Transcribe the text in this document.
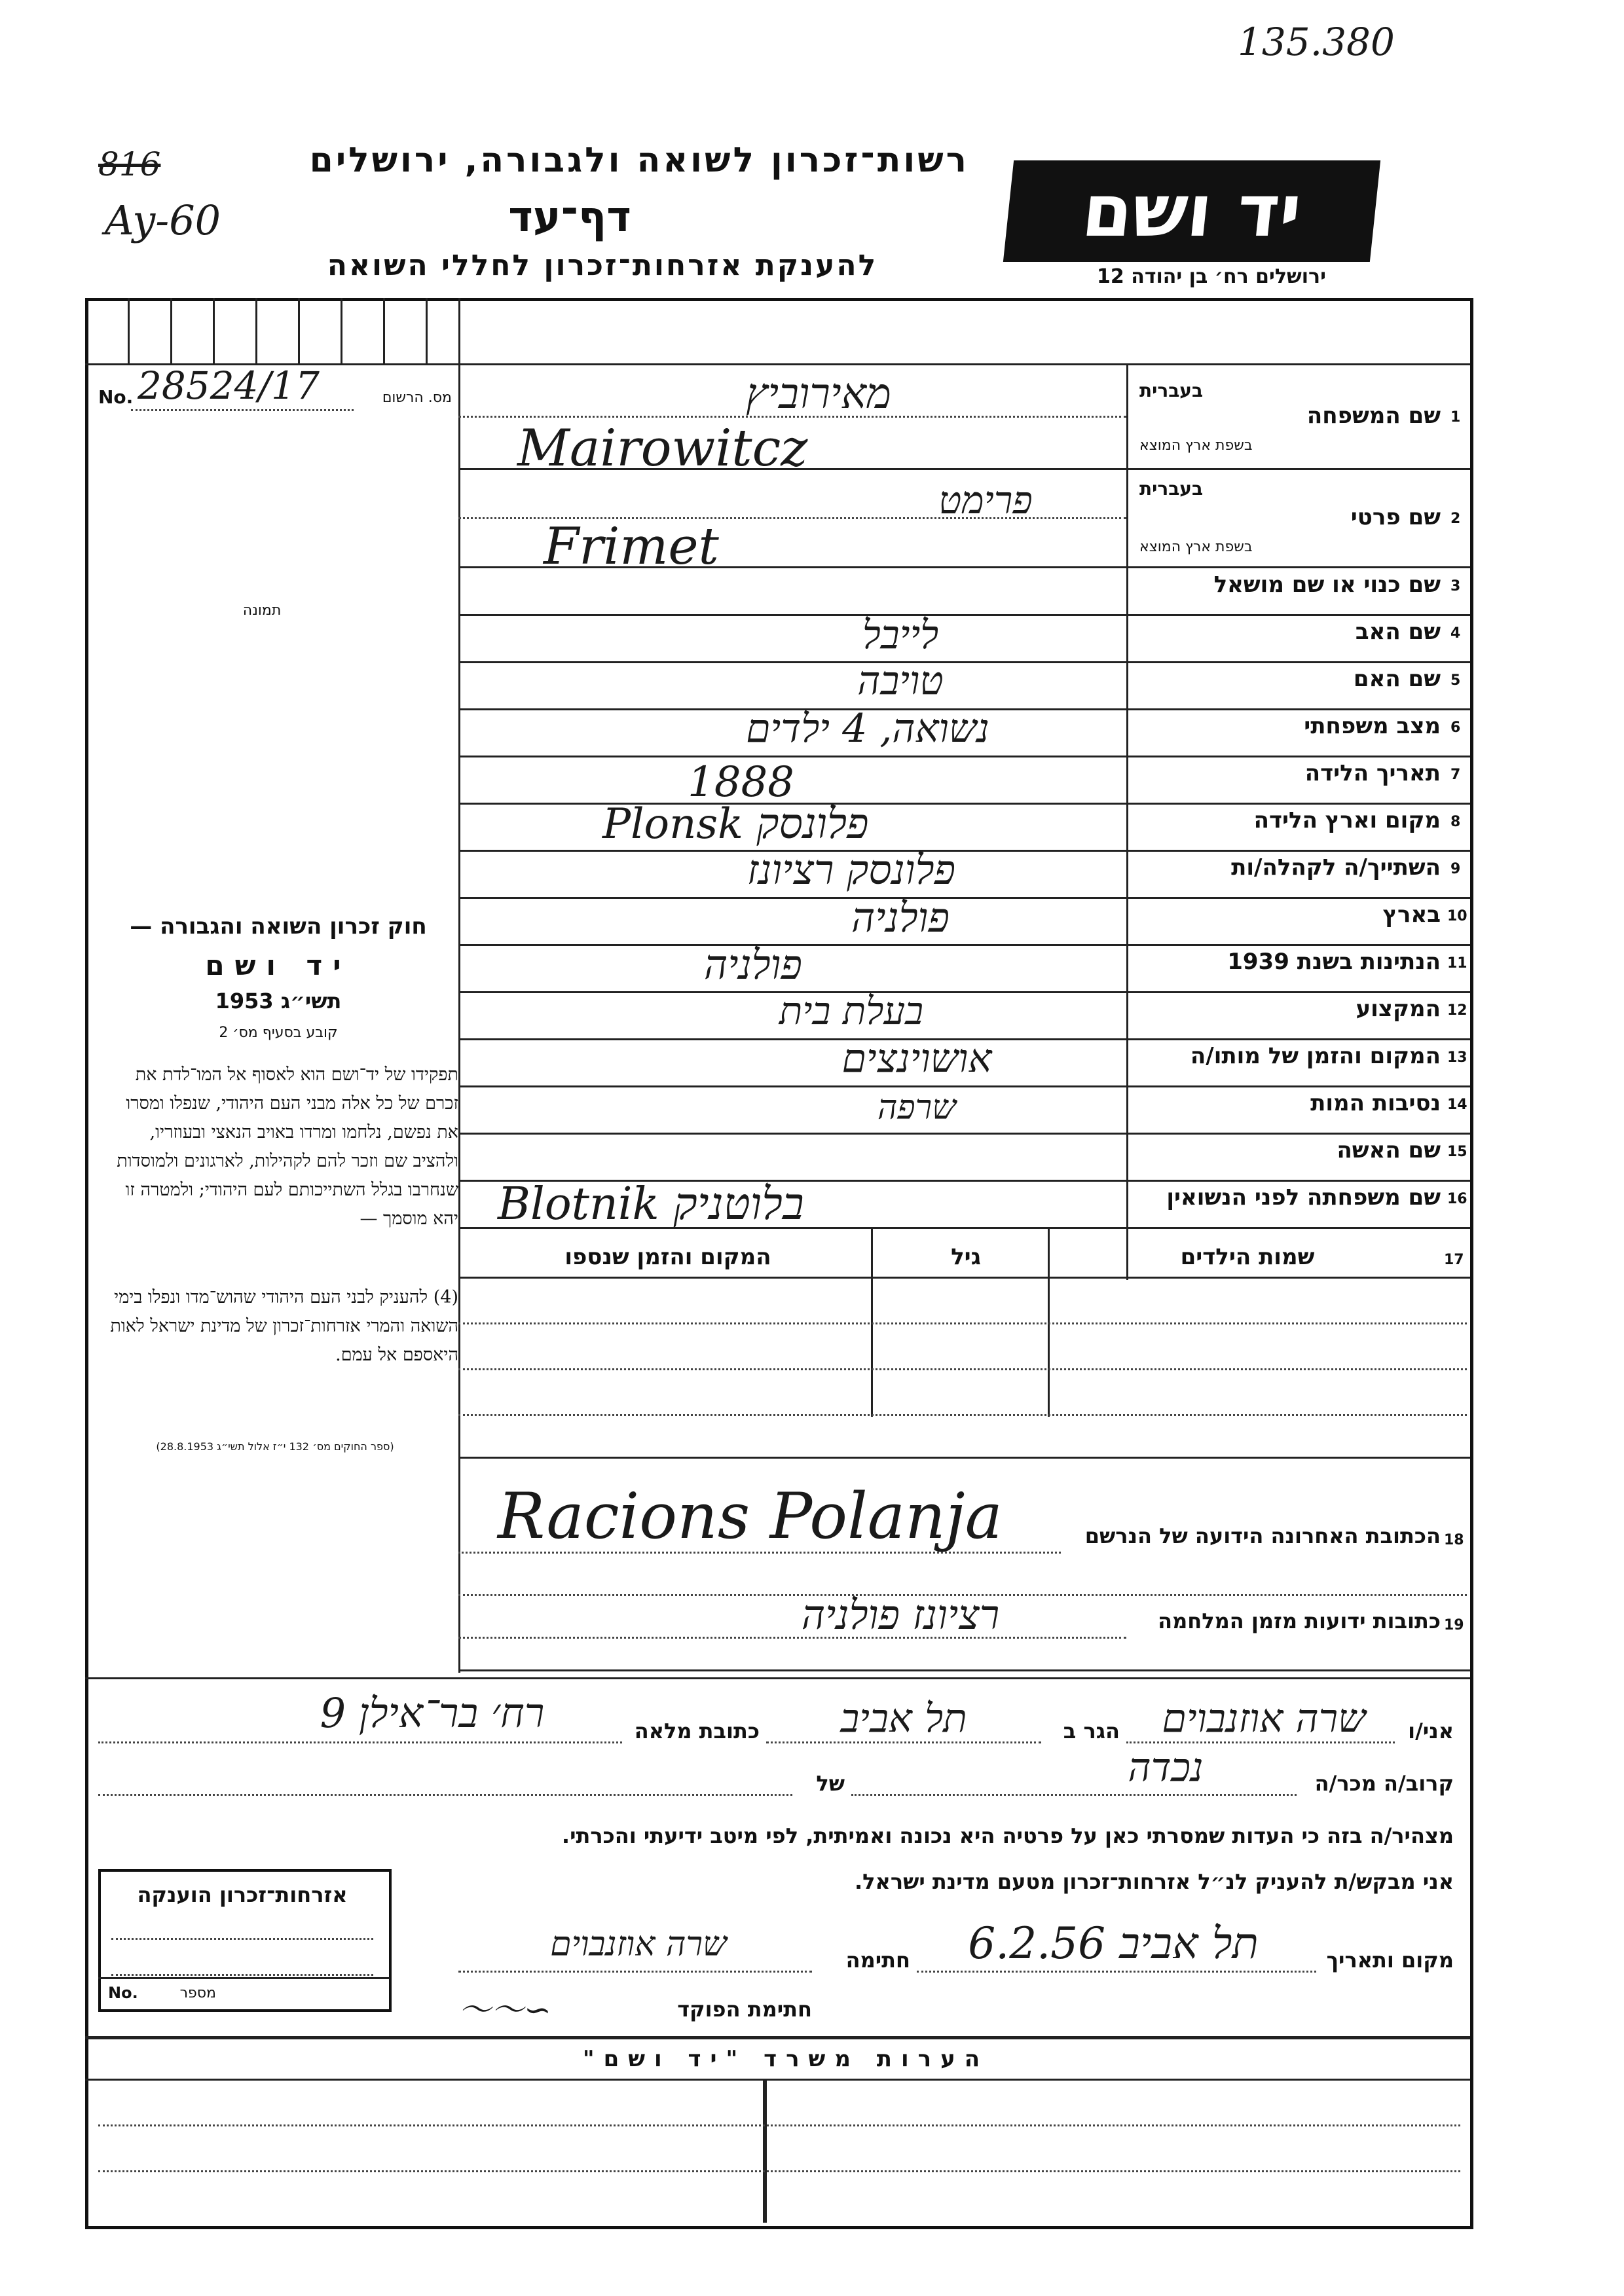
135.380
רשות־זכרון לשואה ולגבורה, ירושלים
816
Ay-60	דף־עד
להענקת אזרחות־זכרון לחללי השואה
יד ושם
ירושלים רח׳ בן יהודה 12
מס. הרשום
No. 28524/17
תמונה
1
שם המשפחה
בעברית
בשפת ארץ המוצא
מאירוביץ
Mairowitcz
2
שם פרטי
בעברית
בשפת ארץ המוצא
פרימט
Frimet
3
שם כנוי או שם מושאל
4
שם האב
לייבל
5
שם האם
טויבה
6
מצב משפחתי
נשואה, 4 ילדים
7
תאריך הלידה
1888
8
מקום וארץ הלידה
Plonsk פלונסק
9
השתייך/ה לקהלה/ות
פלונסק רציונז
10
בארץ
פולניה
11
הנתינות בשנת 1939
פולניה
12
המקצוע
בעלת בית
13
המקום והזמן של מותו/ה
אושוינצים
14
נסיבות המות
שרפה
15
שם האשה
16
שם משפחתה לפני הנשואין
Blotnik בלוטניק
17
שמות הילדים
גיל
המקום והזמן שנספו
חוק זכרון השואה והגבורה —
יד ושם
תשי״ג 1953
קובע בסעיף מס׳ 2
תפקידו של יד־ושם הוא לאסוף אל המו־לדת את זכרם של כל אלה מבני העם היהודי, שנפלו ומסרו את נפשם, נלחמו ומרדו באויב הנאצי ובעוזריו, ולהציב שם וזכר להם לקהילות, לארגונים ולמוסדות שנחרבו בגלל השתייכותם לעם היהודי; ולמטרה זו יהא מוסמך —
(4) להעניק לבני העם היהודי שהוש־מדו ונפלו בימי השואה והמרי אזרחות־זכרון של מדינת ישראל לאות היאספם אל עמם.
(ספר החוקים מס׳ 132 י״ז אלול תשי״ג 28.8.1953)
18
הכתובת האחרונה הידועה של הנרשם
Racions Polanja
19
כתובות ידועות מזמן המלחמה
רציונז פולניה
אני/ו
שרה אוזנבוים
הגר ב
תל אביב
כתובת מלאה
רח׳ בר־אילן 9
קרוב/ה מכר/ה
נכדה
של
מצהיר/ה בזה כי העדות שמסרתי כאן על פרטיה היא נכונה ואמיתית, לפי מיטב ידיעתי והכרתי.
אני מבקש/ת להעניק לנ״ל אזרחות־זכרון מטעם מדינת ישראל.
מקום ותאריך
תל אביב 6.2.56
חתימה
שרה אוזנבוים
חתימת הפוקד
〜〜∽
אזרחות־זכרון הוענקה
No.	מספר
הערות משרד "יד ושם"
